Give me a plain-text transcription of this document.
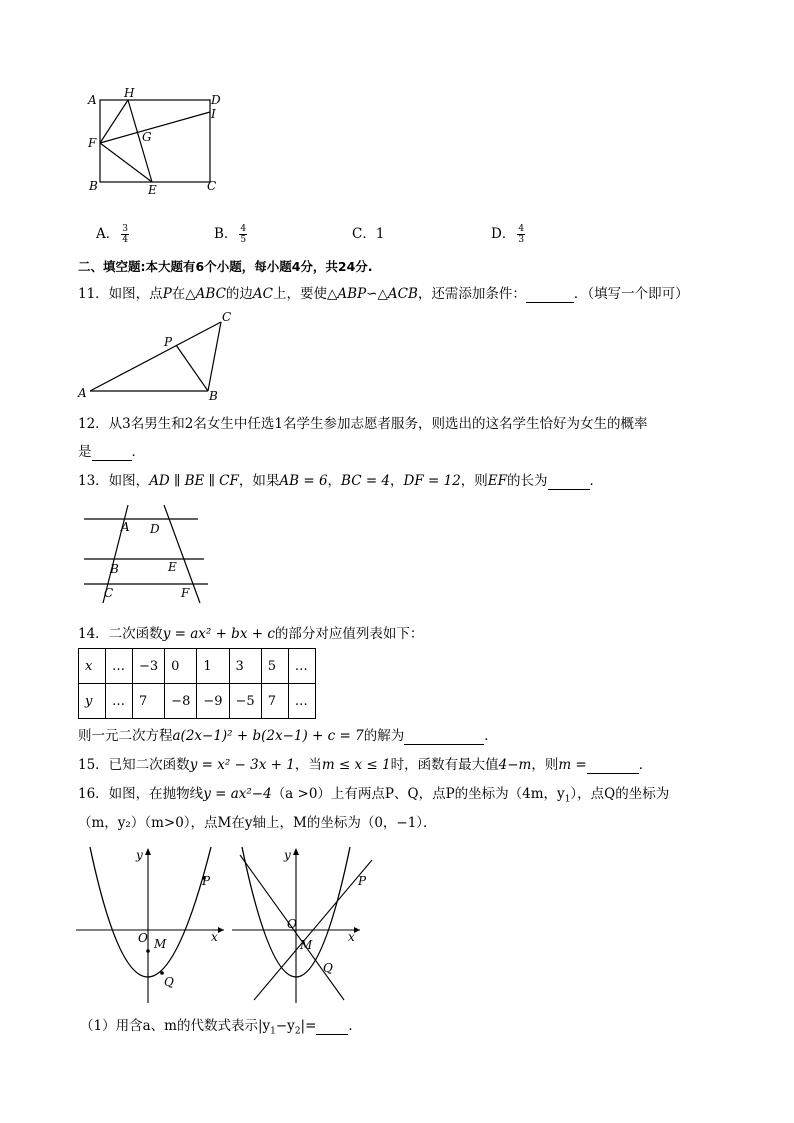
A H	D
I
F	G
B	E	C
A． $\frac{3}{4}$	B． $\frac{4}{5}$	C．1	D． $\frac{4}{3}$
二、填空题:本大题有6个小题，每小题4分，共24分.
11．如图，点P在△ABC的边AC上，要使△ABP∽△ACB，还需添加条件：	．（填写一个即可）
A	B
C
P
12．从3名男生和2名女生中任选1名学生参加志愿者服务，则选出的这名学生恰好为女生的概率
是	．
13．如图，AD ∥ BE ∥ CF，如果AB = 6，BC = 4，DF = 12，则EF的长为	．
A D
B	E
C	F
14．二次函数y = ax² + bx + c的部分对应值列表如下：
x	…	−3	0	1	3	5	…
y	…	7	−8	−9	−5	7	…
则一元二次方程a(2x−1)² + b(2x−1) + c = 7的解为	．
15．已知二次函数y = x² − 3x + 1，当m ≤ x ≤ 1时，函数有最大值4−m，则m =	．
16．如图，在抛物线y = ax²−4（a >0）上有两点P、Q，点P的坐标为（4m，$y_1$），点Q的坐标为
（m，y₂）（m>0），点M在y轴上，M的坐标为（0，−1）．
x
y
O M
P
Q
x
y
O
M
P
Q
（1）用含a、m的代数式表示$|y_1-y_2|=$ ．
